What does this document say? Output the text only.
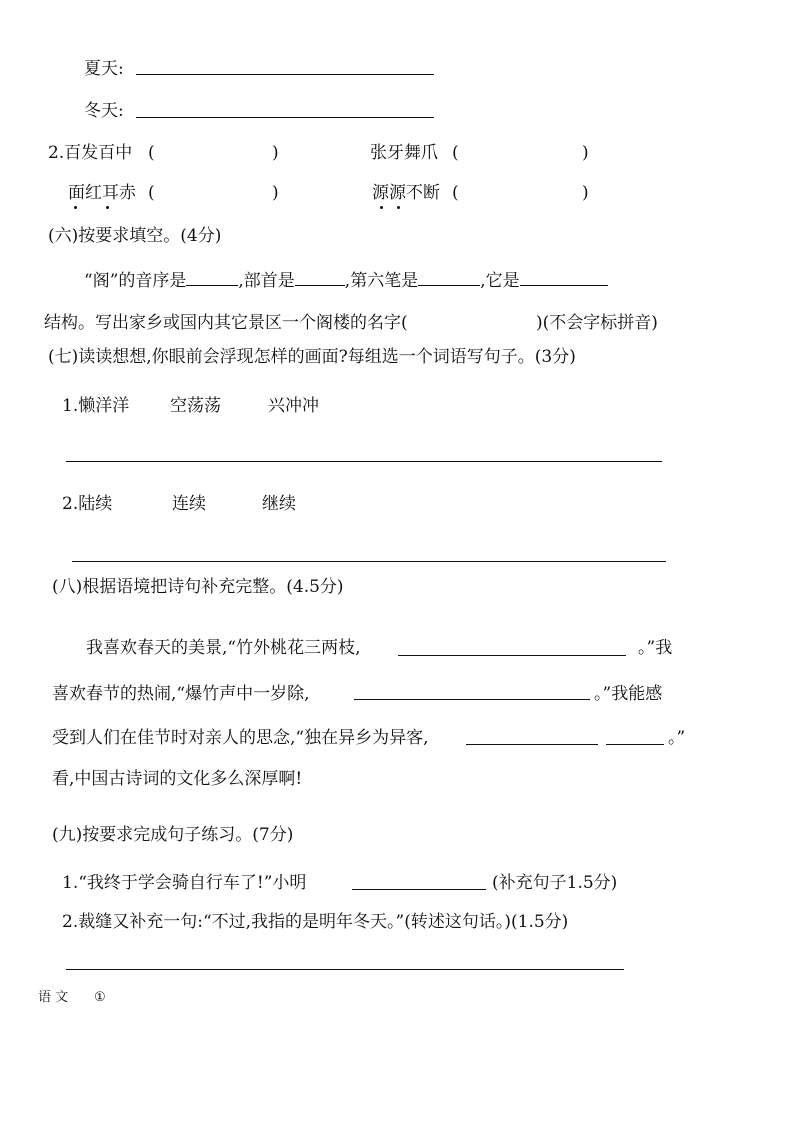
夏天:
冬天:
2.百发百中 (	)	张牙舞爪 (	)
面红耳赤 (	)	源源不断 (	)
(六)按要求填空。(4分)
“阁”的音序是	,部首是	,第六笔是	,它是
结构。写出家乡或国内其它景区一个阁楼的名字(	)(不会字标拼音)
(七)读读想想,你眼前会浮现怎样的画面?每组选一个词语写句子。(3分)
1.懒洋洋 空荡荡	兴冲冲
2.陆续	连续	继续
(八)根据语境把诗句补充完整。(4.5分)
我喜欢春天的美景,“竹外桃花三两枝,	。”我
喜欢春节的热闹,“爆竹声中一岁除,	。”我能感
受到人们在佳节时对亲人的思念,“独在异乡为异客,	。”
看,中国古诗词的文化多么深厚啊!
(九)按要求完成句子练习。(7分)
1.“我终于学会骑自行车了!”小明	(补充句子1.5分)
2.裁缝又补充一句:“不过,我指的是明年冬天。”(转述这句话。)(1.5分)
语 文 ①
